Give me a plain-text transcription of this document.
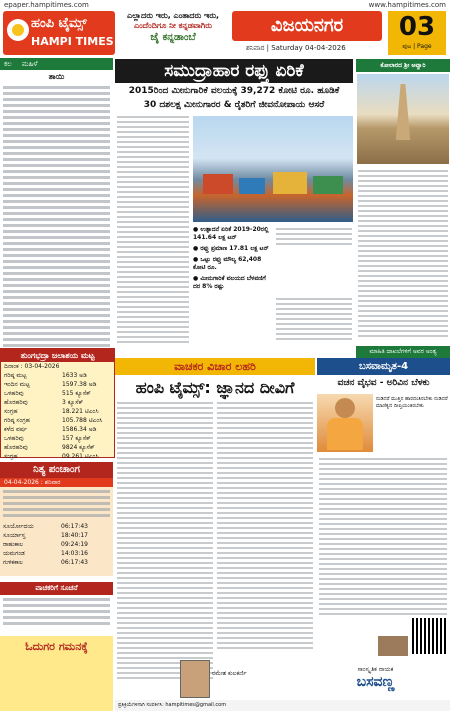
epaper.hampitimes.com	www.hampitimes.com
ಹಂಪಿ ಟೈಮ್ಸ್
HAMPI TIMES
ಎಲ್ಲಾದರು ಇರು, ಎಂತಾದರು ಇರು,
ಎಂದೆಂದಿಗೂ ನೀ ಕನ್ನಡವಾಗಿರು
ಜೈ ಕನ್ನಡಾಂಬೆ
ವಿಜಯನಗರ
ಶನಿವಾರ | Saturday 04-04-2026
03
ಪುಟ | Page
ಕಲ ಮಹಿಳೆ
ತಾಯಿ
ತುಂಗಭದ್ರಾ ಜಲಾಶಯ ಮಟ್ಟ
ದಿನಾಂಕ : 03-04-2026
ಗರಿಷ್ಠ ಮಟ್ಟ	1633 ಅಡಿ
ಇಂದಿನ ಮಟ್ಟ	1597.38 ಅಡಿ
ಒಳಹರಿವು	515 ಕ್ಯೂಸೆಕ್
ಹೊರಹರಿವು	3 ಕ್ಯೂಸೆಕ್
ಸಂಗ್ರಹ	18.221 ಟಿಎಂಸಿ
ಗರಿಷ್ಠ ಸಂಗ್ರಹ	105.788 ಟಿಎಂಸಿ
ಕಳೆದ ವರ್ಷ	1586.34 ಅಡಿ
ಒಳಹರಿವು	157 ಕ್ಯೂಸೆಕ್
ಹೊರಹರಿವು	9824 ಕ್ಯೂಸೆಕ್
ಸಂಗ್ರಹ	09.261 ಟಿಎಂಸಿ
ನಿತ್ಯ ಪಂಚಾಂಗ
04-04-2026 : ಶನಿವಾರ
ಸೂರ್ಯೋದಯ	06:17:43
ಸೂರ್ಯಾಸ್ತ	18:40:17
ರಾಹುಕಾಲ	09:24:19
ಯಮಗಂಡ	14:03:16
ಗುಳಿಕಕಾಲ	06:17:43
ವಾಚಕರಿಗೆ ಸೂಚನೆ
ಓದುಗರ ಗಮನಕ್ಕೆ
ಸಮುದ್ರಾಹಾರ ರಫ್ತು ಏರಿಕೆ
2015ರಿಂದ ಮೀನುಗಾರಿಕೆ ವಲಯಕ್ಕೆ 39,272 ಕೋಟಿ ರೂ. ಹೂಡಿಕೆ
30 ದಶಲಕ್ಷ ಮೀನುಗಾರರ & ರೈತರಿಗೆ ಜೀವನೋಪಾಯ ಆಸರೆ
● ಉತ್ಪಾದನೆ ಏರಿಕೆ 2019-20ರಲ್ಲಿ 141.64 ಲಕ್ಷ ಟನ್
● ರಫ್ತು ಪ್ರಮಾಣ 17.81 ಲಕ್ಷ ಟನ್
● ಒಟ್ಟು ರಫ್ತು ಮೌಲ್ಯ 62,408 ಕೋಟಿ ರೂ.
● ಮೀನುಗಾರಿಕೆ ವಲಯದ ಬೆಳವಣಿಗೆ ದರ 8% ರಷ್ಟು
ಕೋಲಾರದ ಶ್ರೀ ಅವ್ವಾರಿ
ಮಾಹಿತಿ ದಾಖಲೆಗಳಿಗೆ ಅವರ ಅಂತ್ಯ
ವಾಚಕರ ವಿಚಾರ ಲಹರಿ
ಹಂಪಿ ಟೈಮ್ಸ್: ಜ್ಞಾನದ ದೀವಿಗೆ
ರಮೇಶ ಕುಲಕರ್ಣಿ
ಬಸವಾಮೃತ-4
ವಚನ ವೈಭವ - ಅರಿವಿನ ಬೆಳಕು
ನುಡಿದರೆ ಮುತ್ತಿನ ಹಾರದಂತಿರಬೇಕು ನುಡಿದರೆ ಮಾಣಿಕ್ಯದ ದೀಪ್ತಿಯಂತಿರಬೇಕು
ಸಾಂಸ್ಕೃತಿಕ ನಾಯಕ
ಬಸವಣ್ಣ
ಪ್ರತಿಕ್ರಿಯೆಗಳಿಗಾಗಿ ಸಂಪರ್ಕಿಸಿ: hampitimes@gmail.com
